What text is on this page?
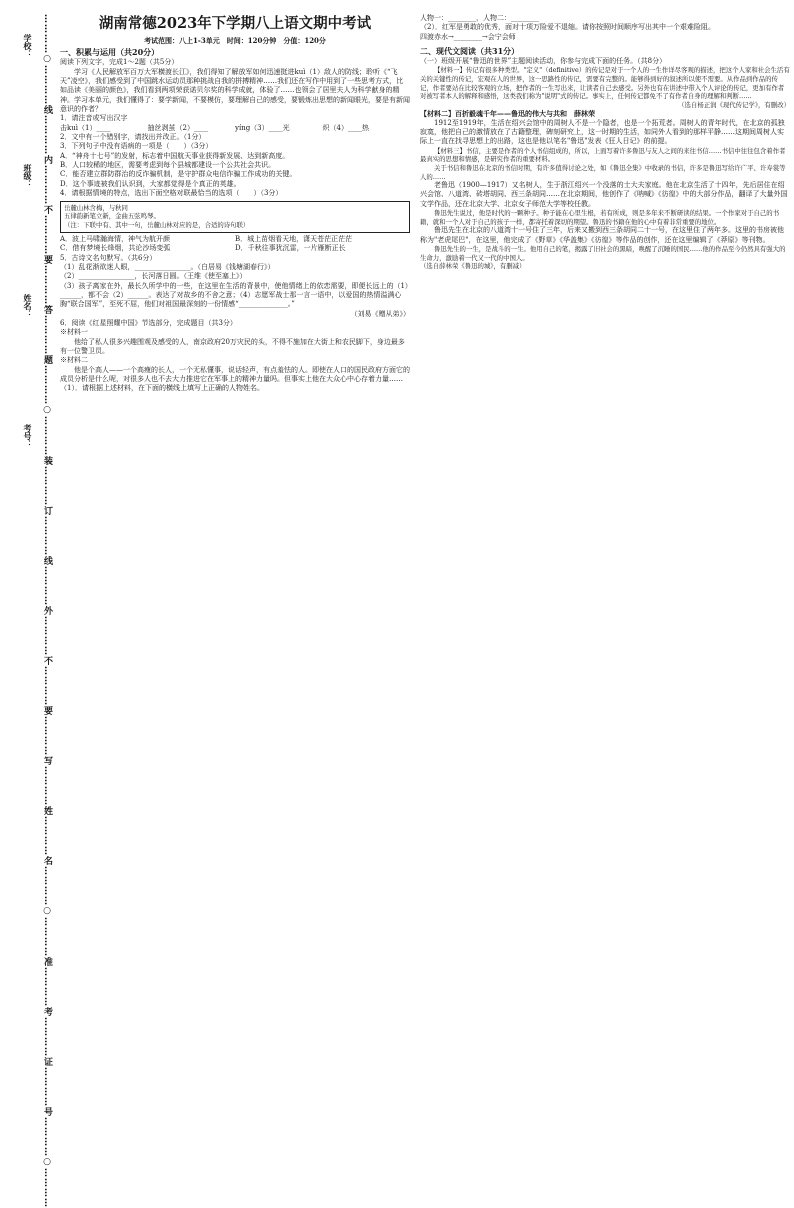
学校：
班级：
姓名：
考号：	…………○…………线…………内…………不…………要…………答…………题…………○…………装…………订…………线…………外…………不…………要…………写…………姓…………名…………○…………准…………考…………证…………号…………○…………	湖南常德2023年下学期八上语文期中考试
考试范围：八上1-3单元　时间：120分钟　分值：120分
一、积累与运用（共20分）

阅读下列文字，完成1～2题（共5分）

学习《人民解放军百万大军横渡长江》，我们得知了解放军如何迅速挺进kuì（1）敌人的防线；聆听《“飞天”凌空》，我们感受到了中国跳水运动员那种挑战自我的拼搏精神……我们还在写作中用到了一些思考方式，比如品读《美丽的颜色》，我们看到两项荣获诺贝尔奖的科学成就，体验了……也领会了居里夫人为科学献身的精神。学习本单元，我们懂得了：要学新闻，不要模仿，要理解自己的感受，要锻炼出思想的新闻眼光，要是有新闻意识的作者？

1．请注音或写出汉字

击kuì（1）____	抽丝剥茧（2）____	yíng（3）____光	炽（4）____热

2．文中有一个错别字，请找出并改正。（1分）

3．下列句子中没有语病的一项是（　　）（3分）

A．“神舟十七号”的发射，标志着中国航天事业获得新发展、达到新高度。

B．人口较稀的地区，需要考虑到每个县城都建设一个公共社会共识。

C．能否建立群防群治的反诈骗机制，是守护群众电信诈骗工作成功的关键。

D．这个事迹被我们认识到，大家都觉得是个真正的英雄。

4．请根据情境的特点，选出下面空格对联最恰当的选项（　　）（3分）

岳麓山林含梅，与秋同
五律韵新笔立新，金曲五弦鸣琴。
（注：下联中有、其中一句，岳麓山林对应的是，合适的诗句联）
A．波上马啸瀚海情，神气为航开颜	B．城上苗烟看天地，潇天苍茫正茫茫
C．借有梦境长烽烟，共论沙场变弧	D．千秋往事犹沉雷，一片雁断正长

5．古诗文名句默写。（共6分）

（1）乱花渐欲迷人眼，________________。（白居易《钱塘湖春行》）

（2）________________，长河落日圆。（王维《使至塞上》）

（3）孩子离家在外，最长久所学中的一些，在这里在生活的背景中，使他情绪上的依恋需要，即便长远上的（1）______，都不会（2）______。表达了对故乡的不舍之意；（4）志愿军战士那一言一语中，以爱国的热情溢满心胸“联合国军”，至死不屈，他们对祖国最深刻的一份情感“______________。”

（刘易《赠从弟》）

6．阅读《红星照耀中国》节选部分，完成题目（共3分）

※材料一

他给了私人很多兴趣围观及感受的人，南京政府20万灾民的头，不得不施加在大街上和农民脚下，身边最多有一位警卫员。

※材料二

他是个高人——一个高瘦的长人，一个无私懂事，说话轻声，有点羞怯的人。即使在人口的国民政府方面它的成员分析是什么呢，对很多人也不去大力推进它在军事上的精神力量吗。但事实上他在大众心中心存着力量……

（1）．请根据上述材料，在下面的横线上填写上正确的人物姓名。

人物一：________，人物二：________

（2）．红军是勇敢的优秀，面对十项万险爱不退缩。请你按照时间顺序写出其中一个艰难险阻。

四渡赤水→________→会宁会师

二、现代文阅读（共31分）

（一）班级开展“鲁迅的世界”主题阅读活动，你参与完成下面的任务。（共8分）

【材料一】传记有很多种类型。"定义"（definitive）的传记是对于一个人的一生作详尽客观的描述，把这个人家和社会生活有关的关键性的传记，宏观在人的世界，这一思路性的传记，需要有完整的。能够得到好的叙述所以使不需要。从作品到作品的传记，作者要站在比较客观的立场，把作者的一生写出来，让读者自己去感受。另外也有在讲述中带入个人评论的传记，更加有作者对被写者本人的解释和感悟，这类我们称为"说明"式的传记。事实上，任何传记都免不了有作者自身的理解和判断……

（选自杨正润《现代传记学》，有删改）

【材料二】百折毅魂千年——鲁迅的伟大与共和　薛林荣

1912至1919年，生活在绍兴会馆中的周树人不是一个隐者，也是一个拓荒者。周树人的青年时代，在北京的孤独寂寞，他把自己的激情放在了古籍整理，碑刻研究上，这一时期的生活，如同外人看到的那样平静……这期间周树人实际上一直在找寻思想上的出路，这也是他以笔名"鲁迅"发表《狂人日记》的前提。

【材料三】书信，主要是作者的个人书信组成的，所以，上面写着许多鲁迅与友人之间的来往书信……书信中往往包含着作者最真实的思想和情感，是研究作者的重要材料。

关于书信和鲁迅在北京的书信时期，有许多值得讨论之处，如《鲁迅全集》中收录的书信，许多是鲁迅写给许广平、许寿裳等人的……

老鲁迅（1900—1917）又名树人，生于浙江绍兴一个没落的士大夫家庭。他在北京生活了十四年，先后居住在绍兴会馆、八道湾、砖塔胡同、西三条胡同……在北京期间，他创作了《呐喊》《彷徨》中的大部分作品，翻译了大量外国文学作品，还在北京大学、北京女子师范大学等校任教。

鲁迅先生说过，他是时代的一颗种子。种子能在心里生根，若有所成，则是多年来不断研读的结果。一个作家对于自己的书籍，就和一个人对于自己的孩子一样，都寄托着深切的期望。鲁迅的书籍在他的心中有着非常重要的地位。

鲁迅先生在北京的八道湾十一号住了三年，后来又搬到西三条胡同二十一号，在这里住了两年多。这里的书房被他称为"老虎尾巴"，在这里，他完成了《野草》《华盖集》《彷徨》等作品的创作，还在这里编辑了《莽原》等刊物。

鲁迅先生的一生，是战斗的一生。他用自己的笔，揭露了旧社会的黑暗，唤醒了沉睡的国民……他的作品至今仍然具有强大的生命力，激励着一代又一代的中国人。

（选自薛林荣《鲁迅的城》，有删减）
